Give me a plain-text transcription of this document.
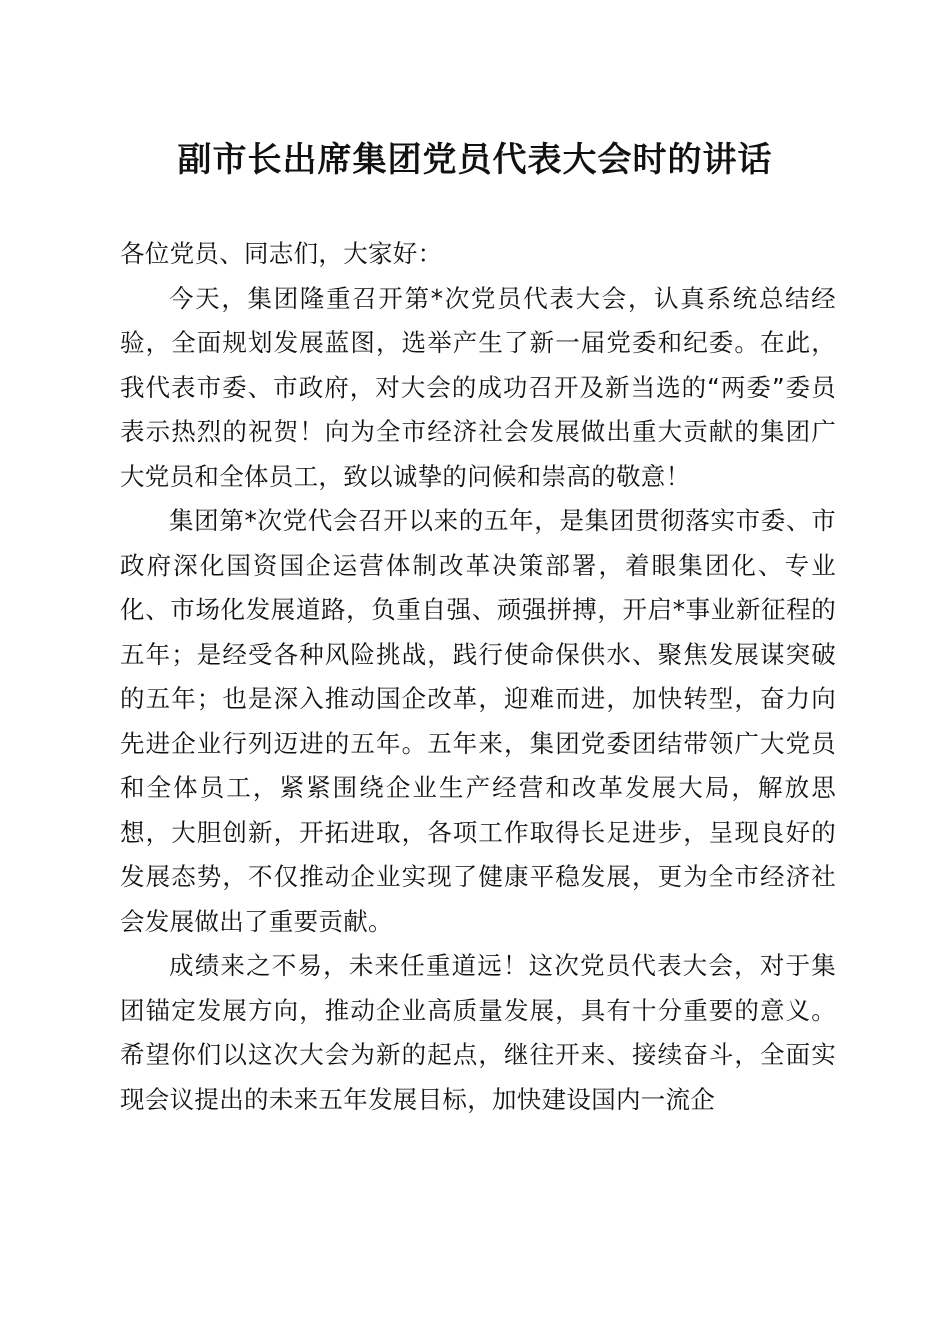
副市长出席集团党员代表大会时的讲话

各位党员、同志们，大家好：

今天，集团隆重召开第*次党员代表大会，认真系统总结经验，全面规划发展蓝图，选举产生了新一届党委和纪委。在此，我代表市委、市政府，对大会的成功召开及新当选的“两委”委员表示热烈的祝贺！向为全市经济社会发展做出重大贡献的集团广大党员和全体员工，致以诚挚的问候和崇高的敬意！

集团第*次党代会召开以来的五年，是集团贯彻落实市委、市政府深化国资国企运营体制改革决策部署，着眼集团化、专业化、市场化发展道路，负重自强、顽强拼搏，开启*事业新征程的五年；是经受各种风险挑战，践行使命保供水、聚焦发展谋突破的五年；也是深入推动国企改革，迎难而进，加快转型，奋力向先进企业行列迈进的五年。五年来，集团党委团结带领广大党员和全体员工，紧紧围绕企业生产经营和改革发展大局，解放思想，大胆创新，开拓进取，各项工作取得长足进步，呈现良好的发展态势，不仅推动企业实现了健康平稳发展，更为全市经济社会发展做出了重要贡献。

成绩来之不易，未来任重道远！这次党员代表大会，对于集团锚定发展方向，推动企业高质量发展，具有十分重要的意义。希望你们以这次大会为新的起点，继往开来、接续奋斗，全面实现会议提出的未来五年发展目标，加快建设国内一流企
